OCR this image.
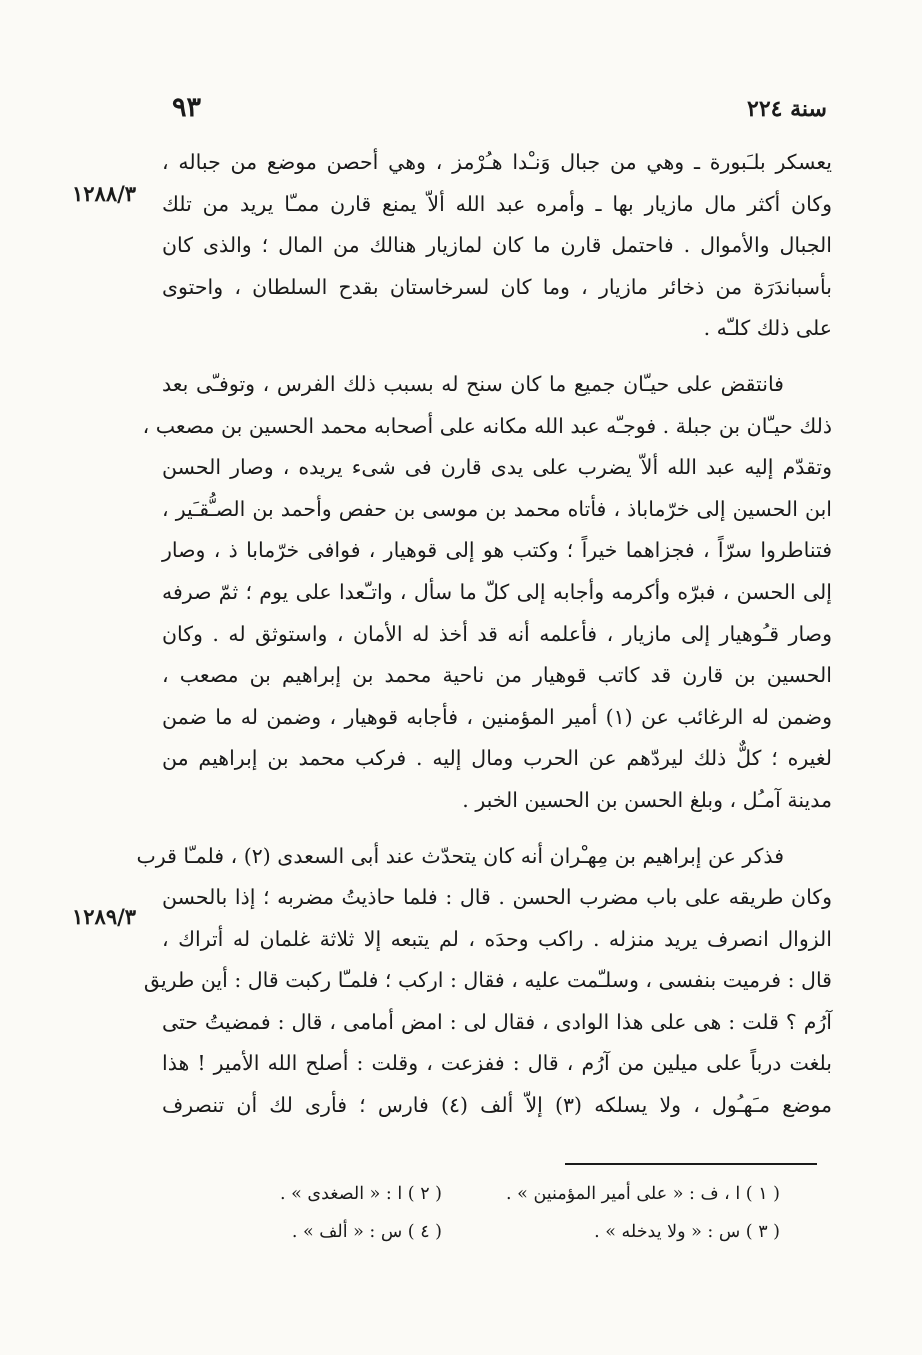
٩٣	سنة ٢٢٤
١٢٨٨/٣
١٢٨٩/٣
يعسكر بلـَبورة ـ وهي من جبال وَنـْدا هـُرْمز ، وهي أحصن موضع من جباله ،
وكان أكثر مال مازيار بها ـ وأمره عبد الله ألاّ يمنع قارن ممـّا يريد من تلك
الجبال والأموال . فاحتمل قارن ما كان لمازيار هنالك من المال ؛ والذى كان
بأسباندَرَة من ذخائر مازيار ، وما كان لسرخاستان بقدح السلطان ، واحتوى
على ذلك كلـّه .
فانتقض على حيـّان جميع ما كان سنح له بسبب ذلك الفرس ، وتوفـّى بعد
ذلك حيـّان بن جبلة . فوجـّه عبد الله مكانه على أصحابه محمد الحسين بن مصعب ،
وتقدّم إليه عبد الله ألاّ يضرب على يدى قارن فى شىء يريده ، وصار الحسن
ابن الحسين إلى خرّماباذ ، فأتاه محمد بن موسى بن حفص وأحمد بن الصـُّقـَير ،
فتناطروا سرّاً ، فجزاهما خيراً ؛ وكتب هو إلى قوهيار ، فوافى خرّمابا ذ ، وصار
إلى الحسن ، فبرّه وأكرمه وأجابه إلى كلّ ما سأل ، واتـّعدا على يوم ؛ ثمّ صرفه
وصار قـُوهيار إلى مازيار ، فأعلمه أنه قد أخذ له الأمان ، واستوثق له . وكان
الحسين بن قارن قد كاتب قوهيار من ناحية محمد بن إبراهيم بن مصعب ،
وضمن له الرغائب عن (١) أمير المؤمنين ، فأجابه قوهيار ، وضمن له ما ضمن
لغيره ؛ كلٌّ ذلك ليردّهم عن الحرب ومال إليه . فركب محمد بن إبراهيم من
مدينة آمـُل ، وبلغ الحسن بن الحسين الخبر .
فذكر عن إبراهيم بن مِهـْران أنه كان يتحدّث عند أبى السعدى (٢) ، فلمـّا قرب
وكان طريقه على باب مضرب الحسن . قال : فلما حاذيتُ مضربه ؛ إذا بالحسن
الزوال انصرف يريد منزله . راكب وحدَه ، لم يتبعه إلا ثلاثة غلمان له أتراك ،
قال : فرميت بنفسى ، وسلـّمت عليه ، فقال : اركب ؛ فلمـّا ركبت قال : أين طريق
آرُم ؟ قلت : هى على هذا الوادى ، فقال لى : امض أمامى ، قال : فمضيتُ حتى
بلغت درباً على ميلين من آرُم ، قال : ففزعت ، وقلت : أصلح الله الأمير ! هذا
موضع مـَهـُول ، ولا يسلكه (٣) إلاّ ألف (٤) فارس ؛ فأرى لك أن تنصرف
( ١ ) ا ، ف : « على أمير المؤمنين » .
( ٢ ) ا : « الصغدى » .
( ٣ ) س : « ولا يدخله » .
( ٤ ) س : « ألف » .
